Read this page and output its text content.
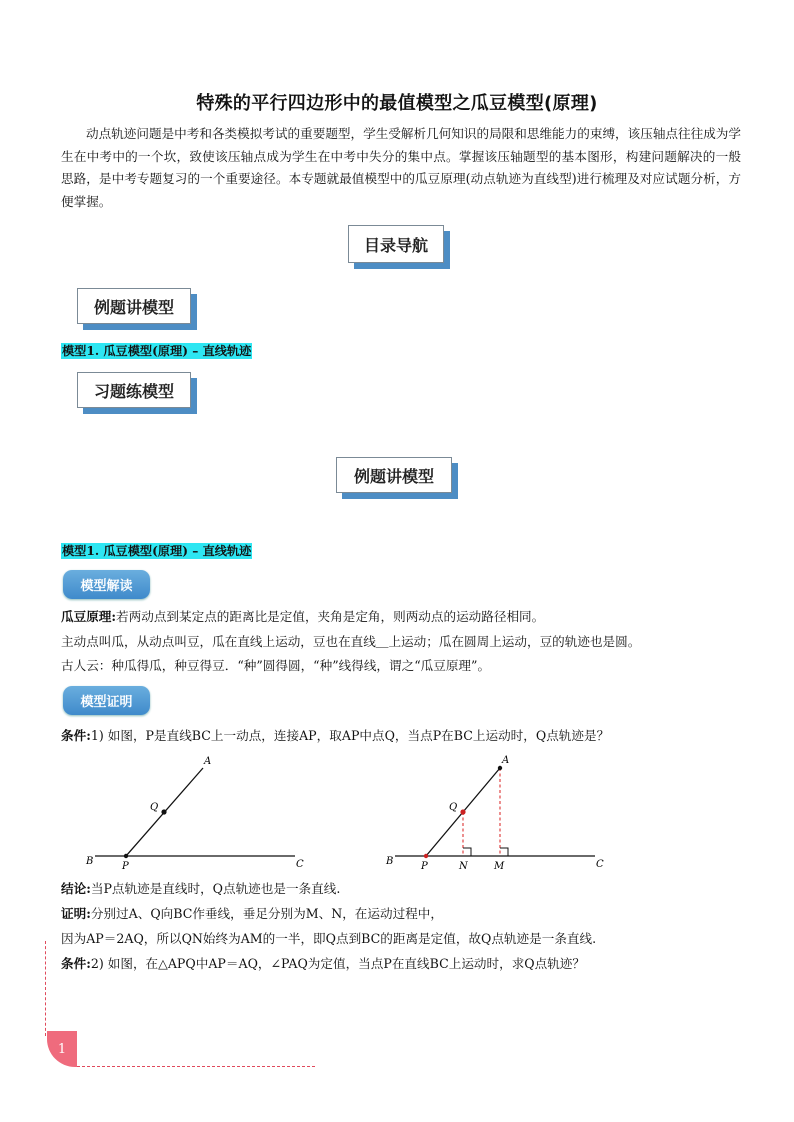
特殊的平行四边形中的最值模型之瓜豆模型(原理)

动点轨迹问题是中考和各类模拟考试的重要题型，学生受解析几何知识的局限和思维能力的束缚，该压轴点往往成为学生在中考中的一个坎，致使该压轴点成为学生在中考中失分的集中点。掌握该压轴题型的基本图形，构建问题解决的一般思路，是中考专题复习的一个重要途径。本专题就最值模型中的瓜豆原理(动点轨迹为直线型)进行梳理及对应试题分析，方便掌握。

目录导航
例题讲模型
模型1. 瓜豆模型(原理) – 直线轨迹
习题练模型
例题讲模型
模型1. 瓜豆模型(原理) – 直线轨迹
模型解读
瓜豆原理:若两动点到某定点的距离比是定值，夹角是定角，则两动点的运动路径相同。
主动点叫瓜，从动点叫豆，瓜在直线上运动，豆也在直线＿上运动；瓜在圆周上运动，豆的轨迹也是圆。
古人云：种瓜得瓜，种豆得豆．“种”圆得圆，“种”线得线，谓之“瓜豆原理”。
模型证明
条件:1) 如图，P是直线BC上一动点，连接AP，取AP中点Q，当点P在BC上运动时，Q点轨迹是？
A
Q
B	P	C
A
Q
B	P	N	M	C
结论:当P点轨迹是直线时，Q点轨迹也是一条直线.
证明:分别过A、Q向BC作垂线，垂足分别为M、N，在运动过程中，
因为AP＝2AQ，所以QN始终为AM的一半，即Q点到BC的距离是定值，故Q点轨迹是一条直线.
条件:2) 如图，在△APQ中AP＝AQ，∠PAQ为定值，当点P在直线BC上运动时，求Q点轨迹？
1
